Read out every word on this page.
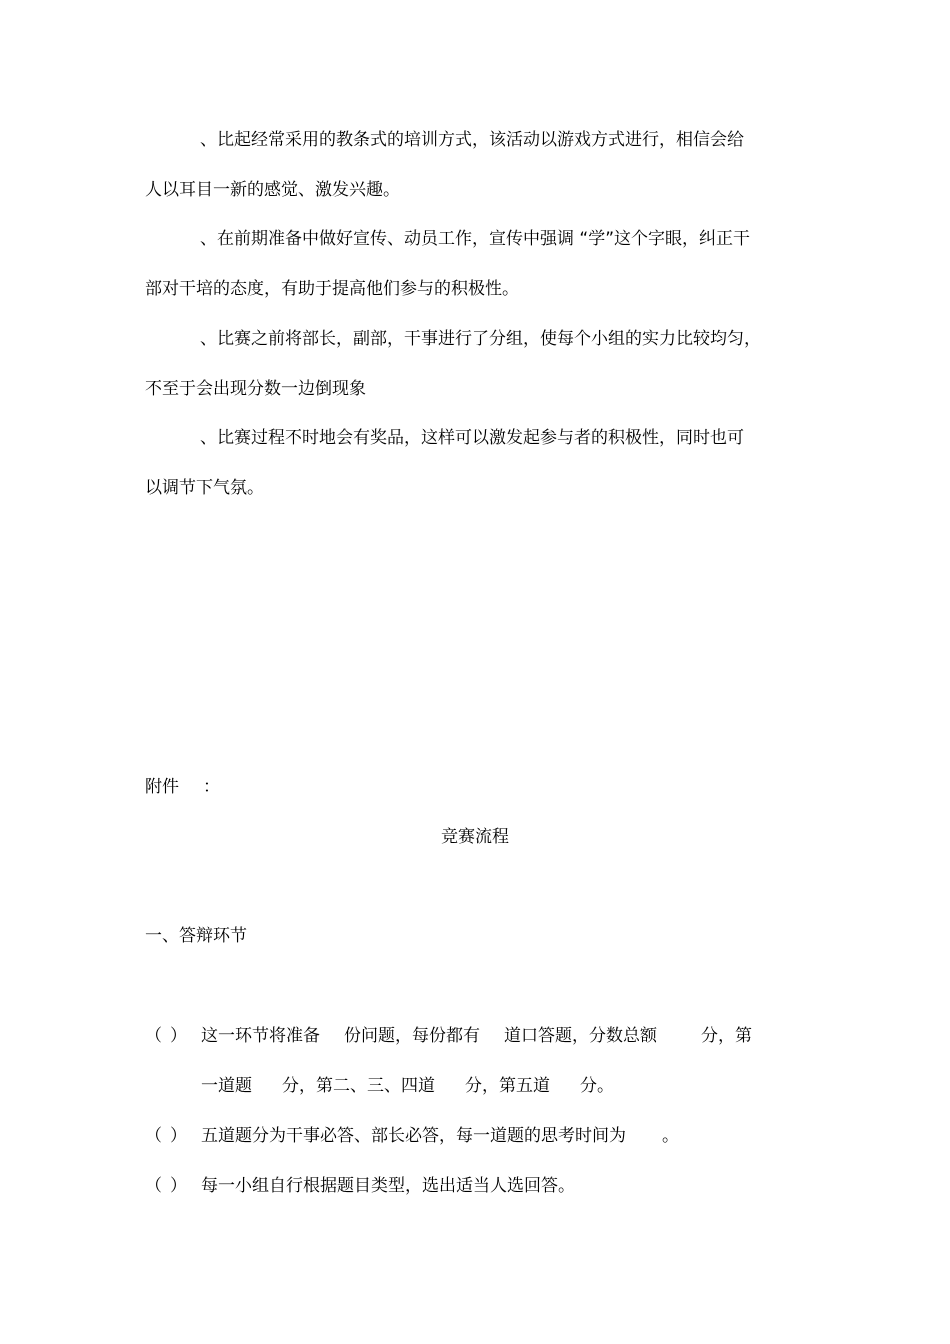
、比起经常采用的教条式的培训方式，该活动以游戏方式进行，相信会给
人以耳目一新的感觉、激发兴趣。
、在前期准备中做好宣传、动员工作，宣传中强调 “学”这个字眼，纠正干
部对干培的态度，有助于提高他们参与的积极性。
、比赛之前将部长，副部，干事进行了分组，使每个小组的实力比较均匀，
不至于会出现分数一边倒现象
、比赛过程不时地会有奖品，这样可以激发起参与者的积极性，同时也可
以调节下气氛。
附件 ：
竞赛流程
一、答辩环节
（ ） 这一环节将准备 份问题，每份都有 道口答题，分数总额	分，第
一道题 分，第二、三、四道 分，第五道 分。
（ ） 五道题分为干事必答、部长必答，每一道题的思考时间为 。
（ ） 每一小组自行根据题目类型，选出适当人选回答。
